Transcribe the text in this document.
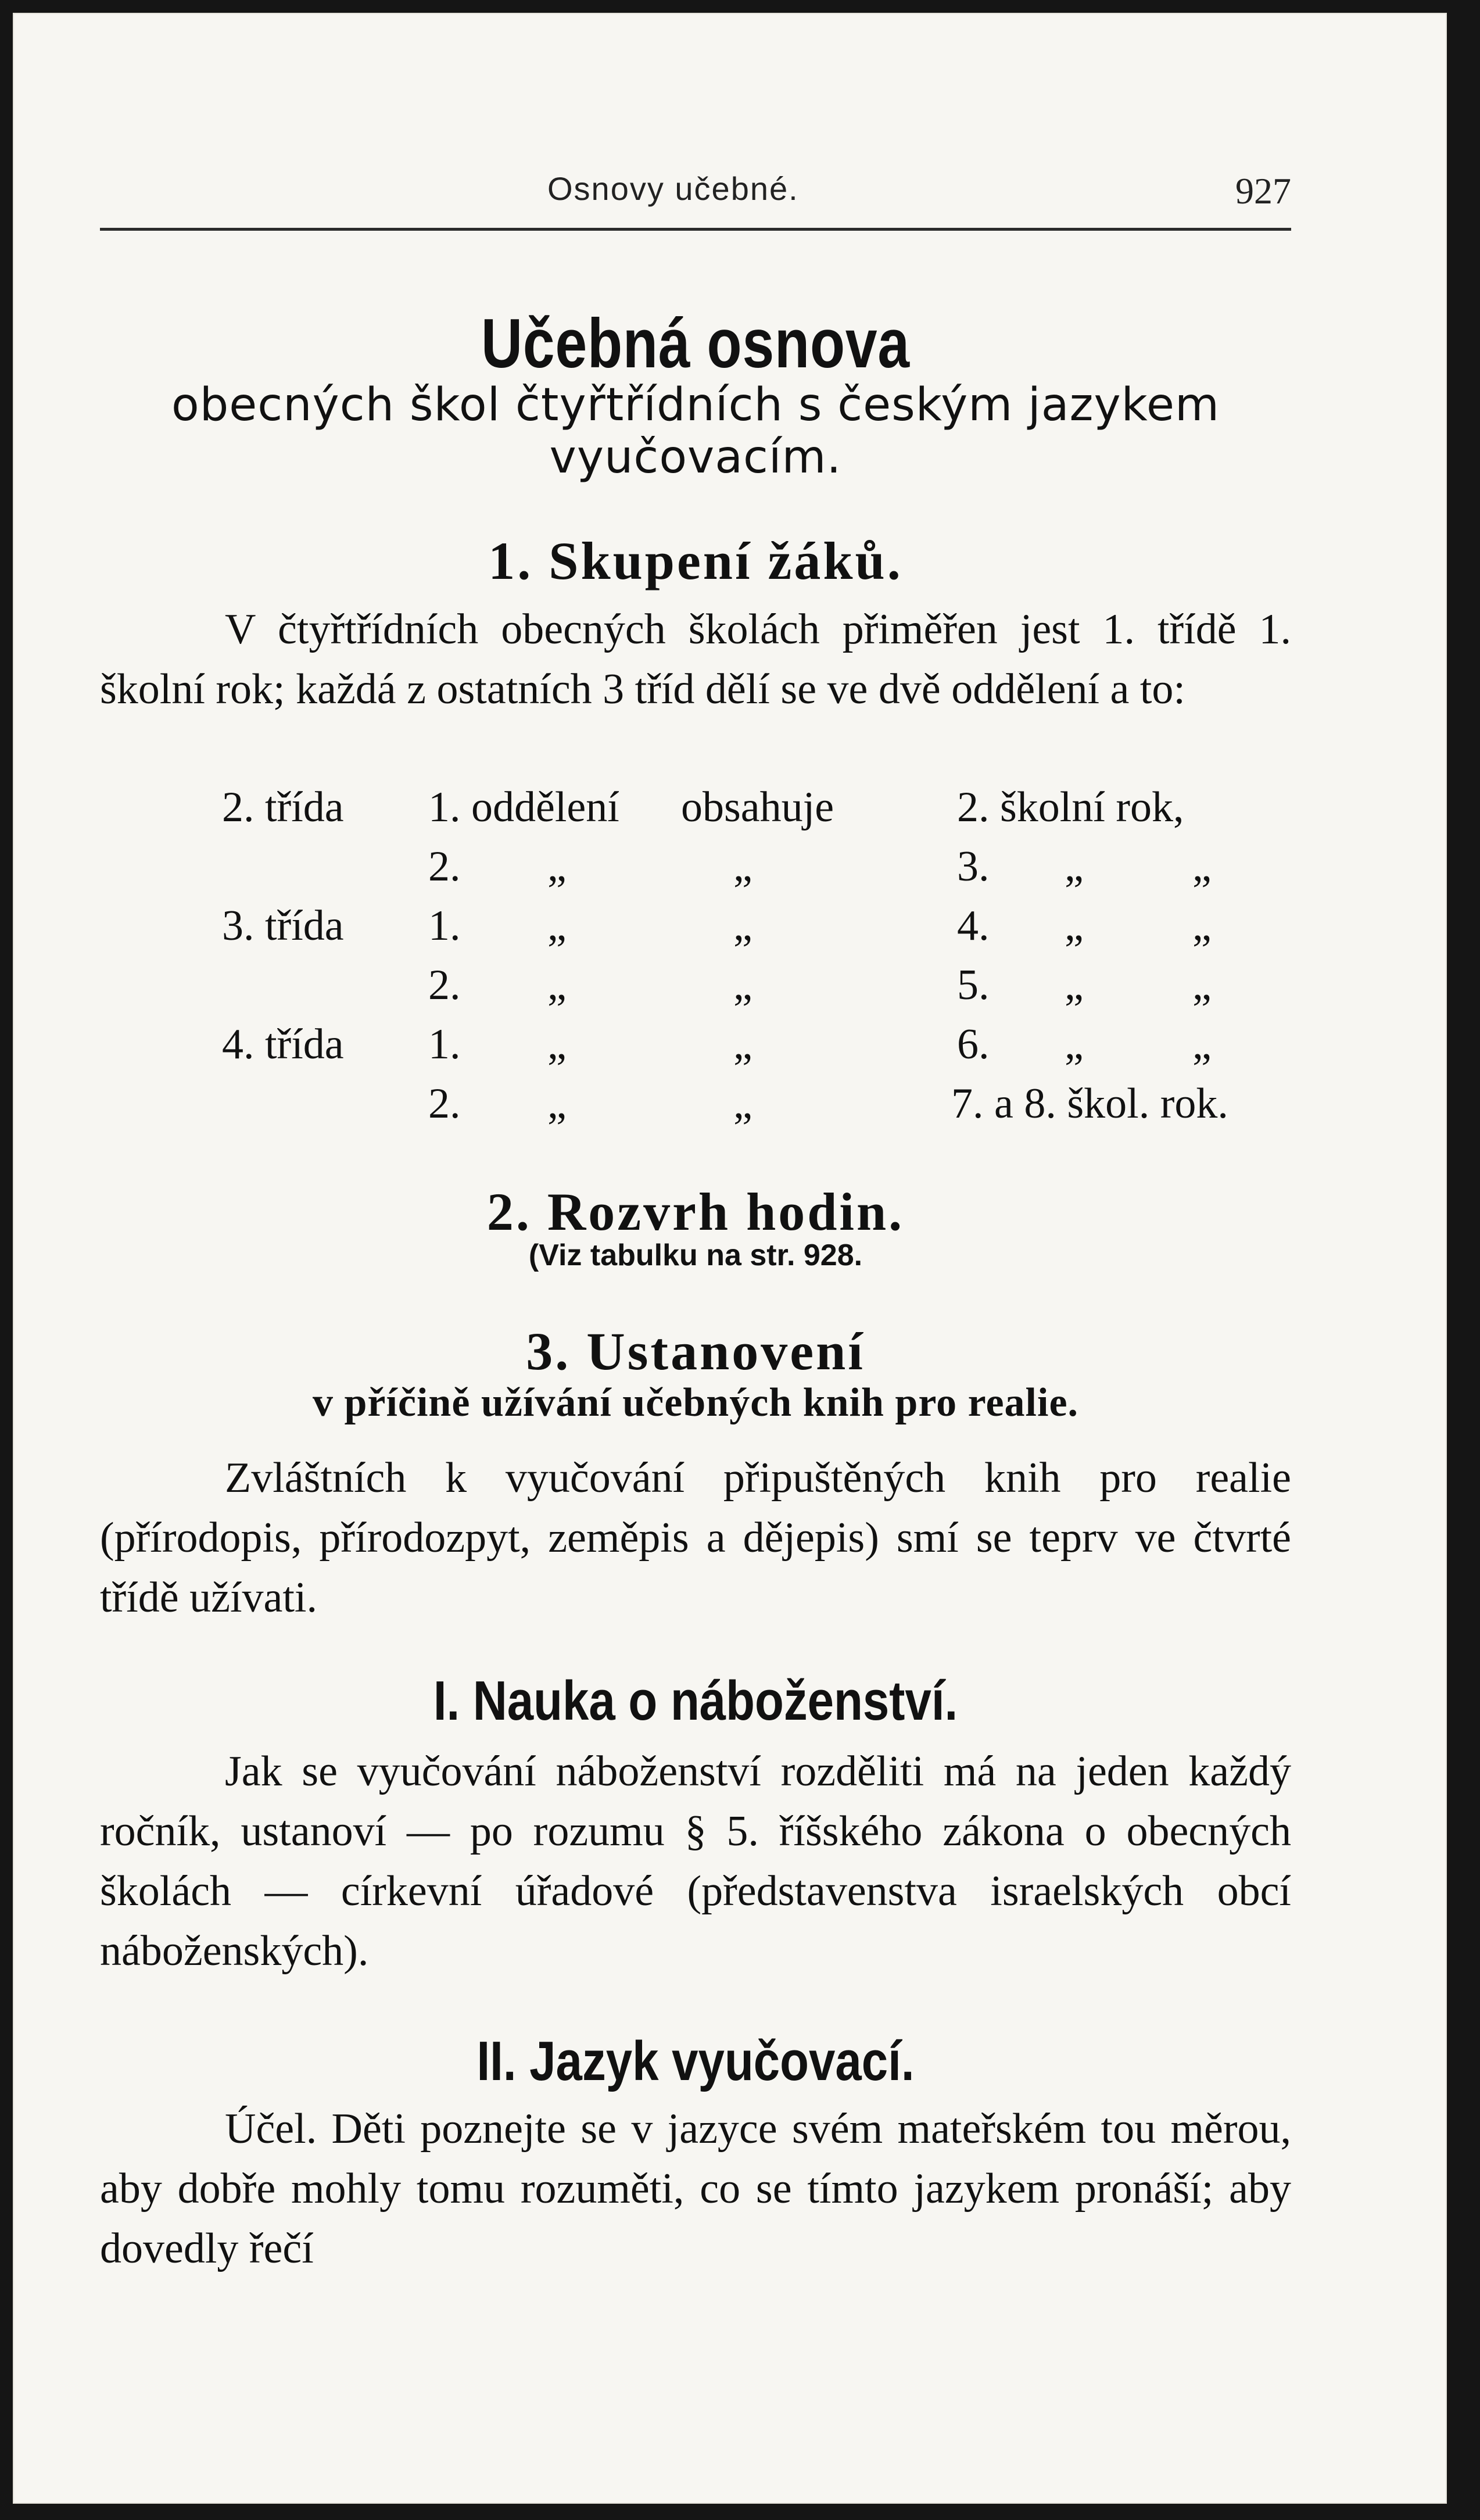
Osnovy učebné.	927
Učebná osnova
obecných škol čtyřtřídních s českým jazykem vyučovacím.
1. Skupení žáků.

V čtyřtřídních obecných školách přiměřen jest 1. třídě 1. školní rok; každá z ostatních 3 tříd dělí se ve dvě oddělení a to:

2. třída 1. oddělení obsahuje	2. školní rok,
2. „	„	3. „	„
3. třída 1. „	„	4. „	„
2. „	„	5. „	„
4. třída 1. „	„	6. „	„
2. „	„	7. a 8. škol. rok.
2. Rozvrh hodin.
(Viz tabulku na str. 928.
3. Ustanovení
v příčině užívání učebných knih pro realie.

Zvláštních k vyučování připuštěných knih pro realie (přírodopis, přírodozpyt, zeměpis a dějepis) smí se teprv ve čtvrté třídě užívati.

I. Nauka o náboženství.

Jak se vyučování náboženství rozděliti má na jeden každý ročník, ustanoví — po rozumu § 5. říšského zákona o obecných školách — církevní úřadové (představenstva israelských obcí náboženských).

II. Jazyk vyučovací.

Účel. Děti poznejte se v jazyce svém mateřském tou měrou, aby dobře mohly tomu rozuměti, co se tímto jazykem pronáší; aby dovedly řečí
